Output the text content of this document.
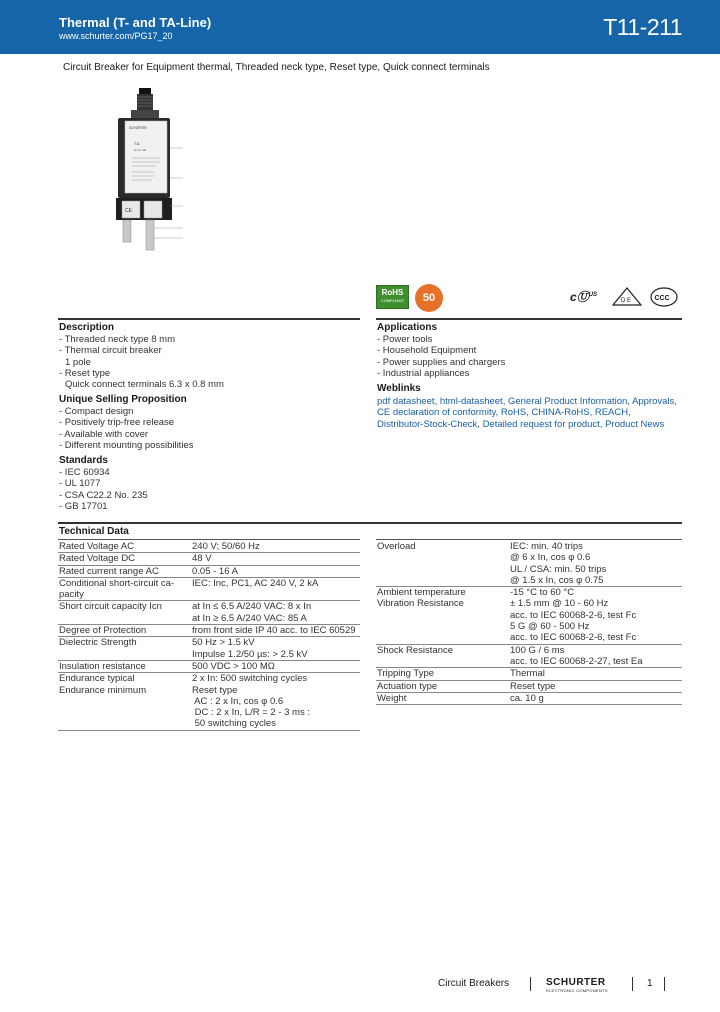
Thermal (T- and TA-Line)
www.schurter.com/PG17_20	T11-211
Circuit Breaker for Equipment thermal, Threaded neck type, Reset type, Quick connect terminals
SCHURTER
T11
6 / 1 / 1A
CE
RoHS
COMPLIANT	50	cⓊ$^{US}$
D E	CCC
Description
- Threaded neck type 8 mm
- Thermal circuit breaker
1 pole
- Reset type
Quick connect terminals 6.3 x 0.8 mm
Unique Selling Proposition
- Compact design
- Positively trip-free release
- Available with cover
- Different mounting possibilities
Standards
- IEC 60934
- UL 1077
- CSA C22.2 No. 235
- GB 17701
Applications
- Power tools
- Household Equipment
- Power supplies and chargers
- Industrial appliances
Weblinks
pdf datasheet, html-datasheet, General Product Information, Approvals, CE declaration of conformity, RoHS, CHINA-RoHS, REACH, Distributor-Stock-Check, Detailed request for product, Product News
Technical Data
Rated Voltage AC	240 V; 50/60 Hz
Rated Voltage DC	48 V
Rated current range AC	0.05 - 16 A

Conditional short-circuit ca-
pacity	IEC: Inc, PC1, AC 240 V, 2 kA
Short circuit capacity Icn	at In ≤ 6.5 A/240 VAC: 8 x In
at In ≥ 6.5 A/240 VAC: 85 A

Degree of Protection	from front side IP 40 acc. to IEC 60529
Dielectric Strength	50 Hz > 1.5 kV
Impulse 1.2/50 µs: > 2.5 kV

Insulation resistance	500 VDC > 100 MΩ
Endurance typical	2 x In: 500 switching cycles
Endurance minimum	Reset type
AC : 2 x In, cos φ 0.6
DC : 2 x In, L/R = 2 - 3 ms :
50 switching cycles
Overload	IEC: min. 40 trips
@ 6 x In, cos φ 0.6
UL / CSA: min. 50 trips
@ 1.5 x In, cos φ 0.75

Ambient temperature	-15 °C to 60 °C
Vibration Resistance	± 1.5 mm @ 10 - 60 Hz
acc. to IEC 60068-2-6, test Fc
5 G @ 60 - 500 Hz
acc. to IEC 60068-2-6, test Fc

Shock Resistance	100 G / 6 ms
acc. to IEC 60068-2-27, test Ea

Tripping Type	Thermal
Actuation type	Reset type
Weight	ca. 10 g
Circuit Breakers	SCHURTER
ELECTRONIC COMPONENTS
1
